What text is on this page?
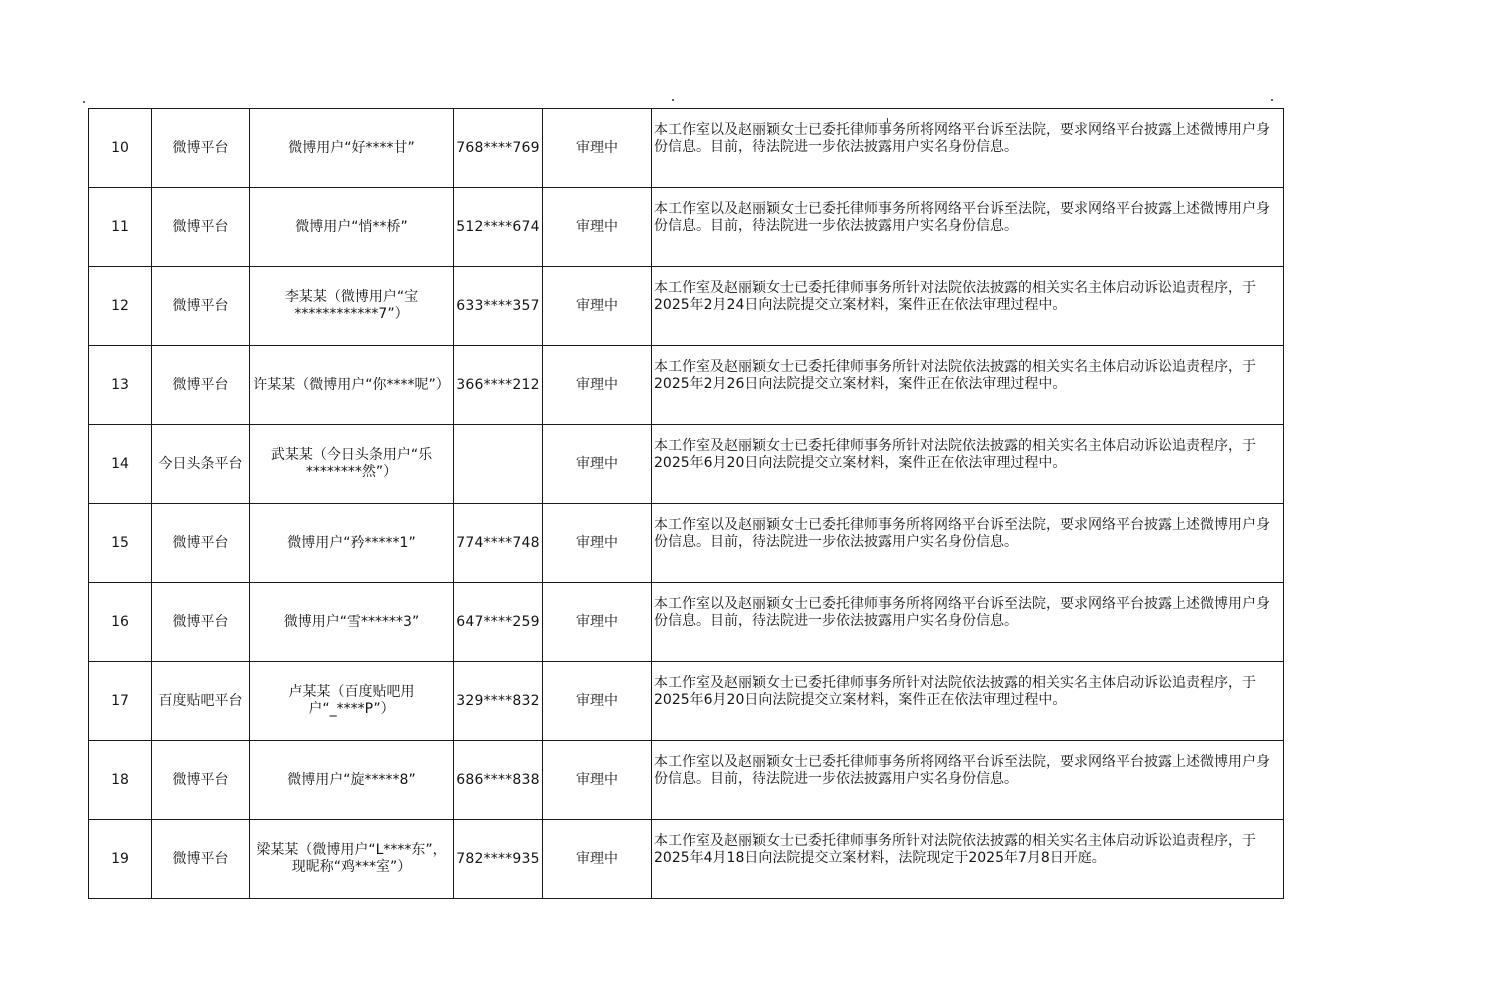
10	微博平台	微博用户“好****甘”	768****769	审理中	本工作室以及赵丽颖女士已委托律师事务所将网络平台诉至法院，要求网络平台披露上述微博用户身份信息。目前，待法院进一步依法披露用户实名身份信息。

11	微博平台	微博用户“悄**桥”	512****674	审理中	本工作室以及赵丽颖女士已委托律师事务所将网络平台诉至法院，要求网络平台披露上述微博用户身份信息。目前，待法院进一步依法披露用户实名身份信息。

12	微博平台	李某某（微博用户“宝************7”）	633****357	审理中	本工作室及赵丽颖女士已委托律师事务所针对法院依法披露的相关实名主体启动诉讼追责程序，于2025年2月24日向法院提交立案材料，案件正在依法审理过程中。

13	微博平台	许某某（微博用户“你****呢”）	366****212	审理中	本工作室及赵丽颖女士已委托律师事务所针对法院依法披露的相关实名主体启动诉讼追责程序，于2025年2月26日向法院提交立案材料，案件正在依法审理过程中。

14	今日头条平台	武某某（今日头条用户“乐********然”）		审理中	本工作室及赵丽颖女士已委托律师事务所针对法院依法披露的相关实名主体启动诉讼追责程序，于2025年6月20日向法院提交立案材料，案件正在依法审理过程中。

15	微博平台	微博用户“矜*****1”	774****748	审理中	本工作室以及赵丽颖女士已委托律师事务所将网络平台诉至法院，要求网络平台披露上述微博用户身份信息。目前，待法院进一步依法披露用户实名身份信息。

16	微博平台	微博用户“雪******3”	647****259	审理中	本工作室以及赵丽颖女士已委托律师事务所将网络平台诉至法院，要求网络平台披露上述微博用户身份信息。目前，待法院进一步依法披露用户实名身份信息。

17	百度贴吧平台	卢某某（百度贴吧用户“_****P”）	329****832	审理中	本工作室及赵丽颖女士已委托律师事务所针对法院依法披露的相关实名主体启动诉讼追责程序，于2025年6月20日向法院提交立案材料，案件正在依法审理过程中。

18	微博平台	微博用户“旋*****8”	686****838	审理中	本工作室以及赵丽颖女士已委托律师事务所将网络平台诉至法院，要求网络平台披露上述微博用户身份信息。目前，待法院进一步依法披露用户实名身份信息。

19	微博平台	梁某某（微博用户“L****东”，现昵称“鸡***室”）	782****935	审理中	本工作室及赵丽颖女士已委托律师事务所针对法院依法披露的相关实名主体启动诉讼追责程序，于2025年4月18日向法院提交立案材料，法院现定于2025年7月8日开庭。
